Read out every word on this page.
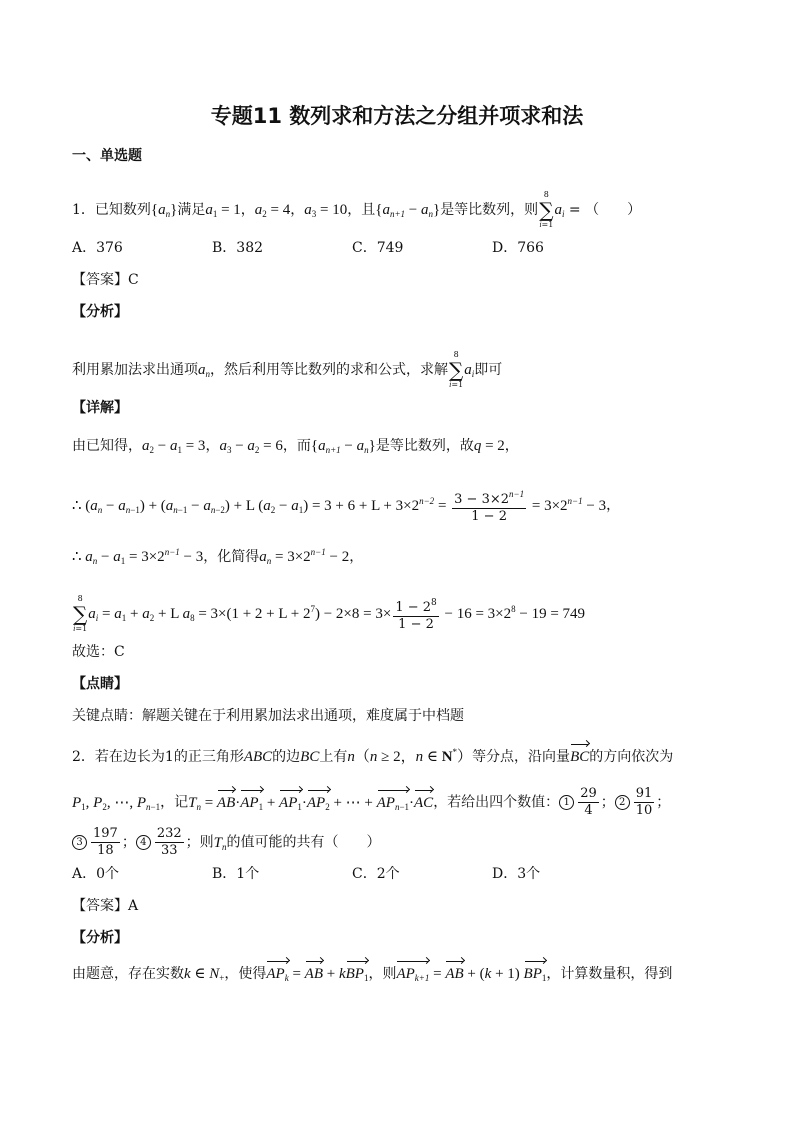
专题11 数列求和方法之分组并项求和法
一、单选题
1．已知数列$\{a_n\}$满足$a_1 = 1$，$a_2 = 4$，$a_3 = 10$，且$\{a_{n+1} - a_n\}$是等比数列，则
8
∑
i=1
$a_i$ = （　　）
A．376	B．382	C．749	D．766
【答案】C
【分析】
利用累加法求出通项$a_n$，然后利用等比数列的求和公式，求解
8
∑
i=1
$a_i$即可
【详解】
由已知得，$a_2 - a_1 = 3$，$a_3 - a_2 = 6$，而$\{a_{n+1} - a_n\}$是等比数列，故q = 2，
∴ $(a_n - a_{n-1}) + (a_{n-1} - a_{n-2}) + L$ $(a_2 - a_1) = 3 + 6 + L + 3\times 2^{n-2} = \frac{3 - 3\times 2^{n-1}}{1 - 2} = 3\times 2^{n-1} - 3$，
∴ $a_n - a_1 = 3\times 2^{n-1} - 3$，化简得$a_n = 3\times 2^{n-1} - 2$，
8
∑
i=1
$a_i = a_1 + a_2 + L$ $a_8 = 3\times(1 + 2 + L + 2^7) - 2\times 8 = 3\times \frac{1 - 2^8}{1 - 2} - 16 = 3\times 2^8 - 19 = 749$
故选：C
【点睛】
关键点睛：解题关键在于利用累加法求出通项，难度属于中档题
2．若在边长为1的正三角形ABC的边BC上有n（n ≥ 2，n ∈ N*）等分点，沿向量BC的方向依次为
$P_1$, $P_2$, ⋯, $P_{n-1}$，记$T_n = AB\cdot AP_1 + AP_1\cdot AP_2$ + ⋯ + $AP_{n-1}\cdot AC$，若给出四个数值： $1 \frac{29}{4}$ ； $2 \frac{91}{10}$ ；
$3 \frac{197}{18}$ ； $4 \frac{232}{33}$ ；则$T_n$的值可能的共有（　　）
A．0个	B．1个	C．2个	D．3个
【答案】A
【分析】
由题意，存在实数k ∈ $N_+$，使得$AP_k$ = AB + kBP$_1$，则$AP_{k+1}$ = AB + (k + 1) $BP_1$，计算数量积，得到
